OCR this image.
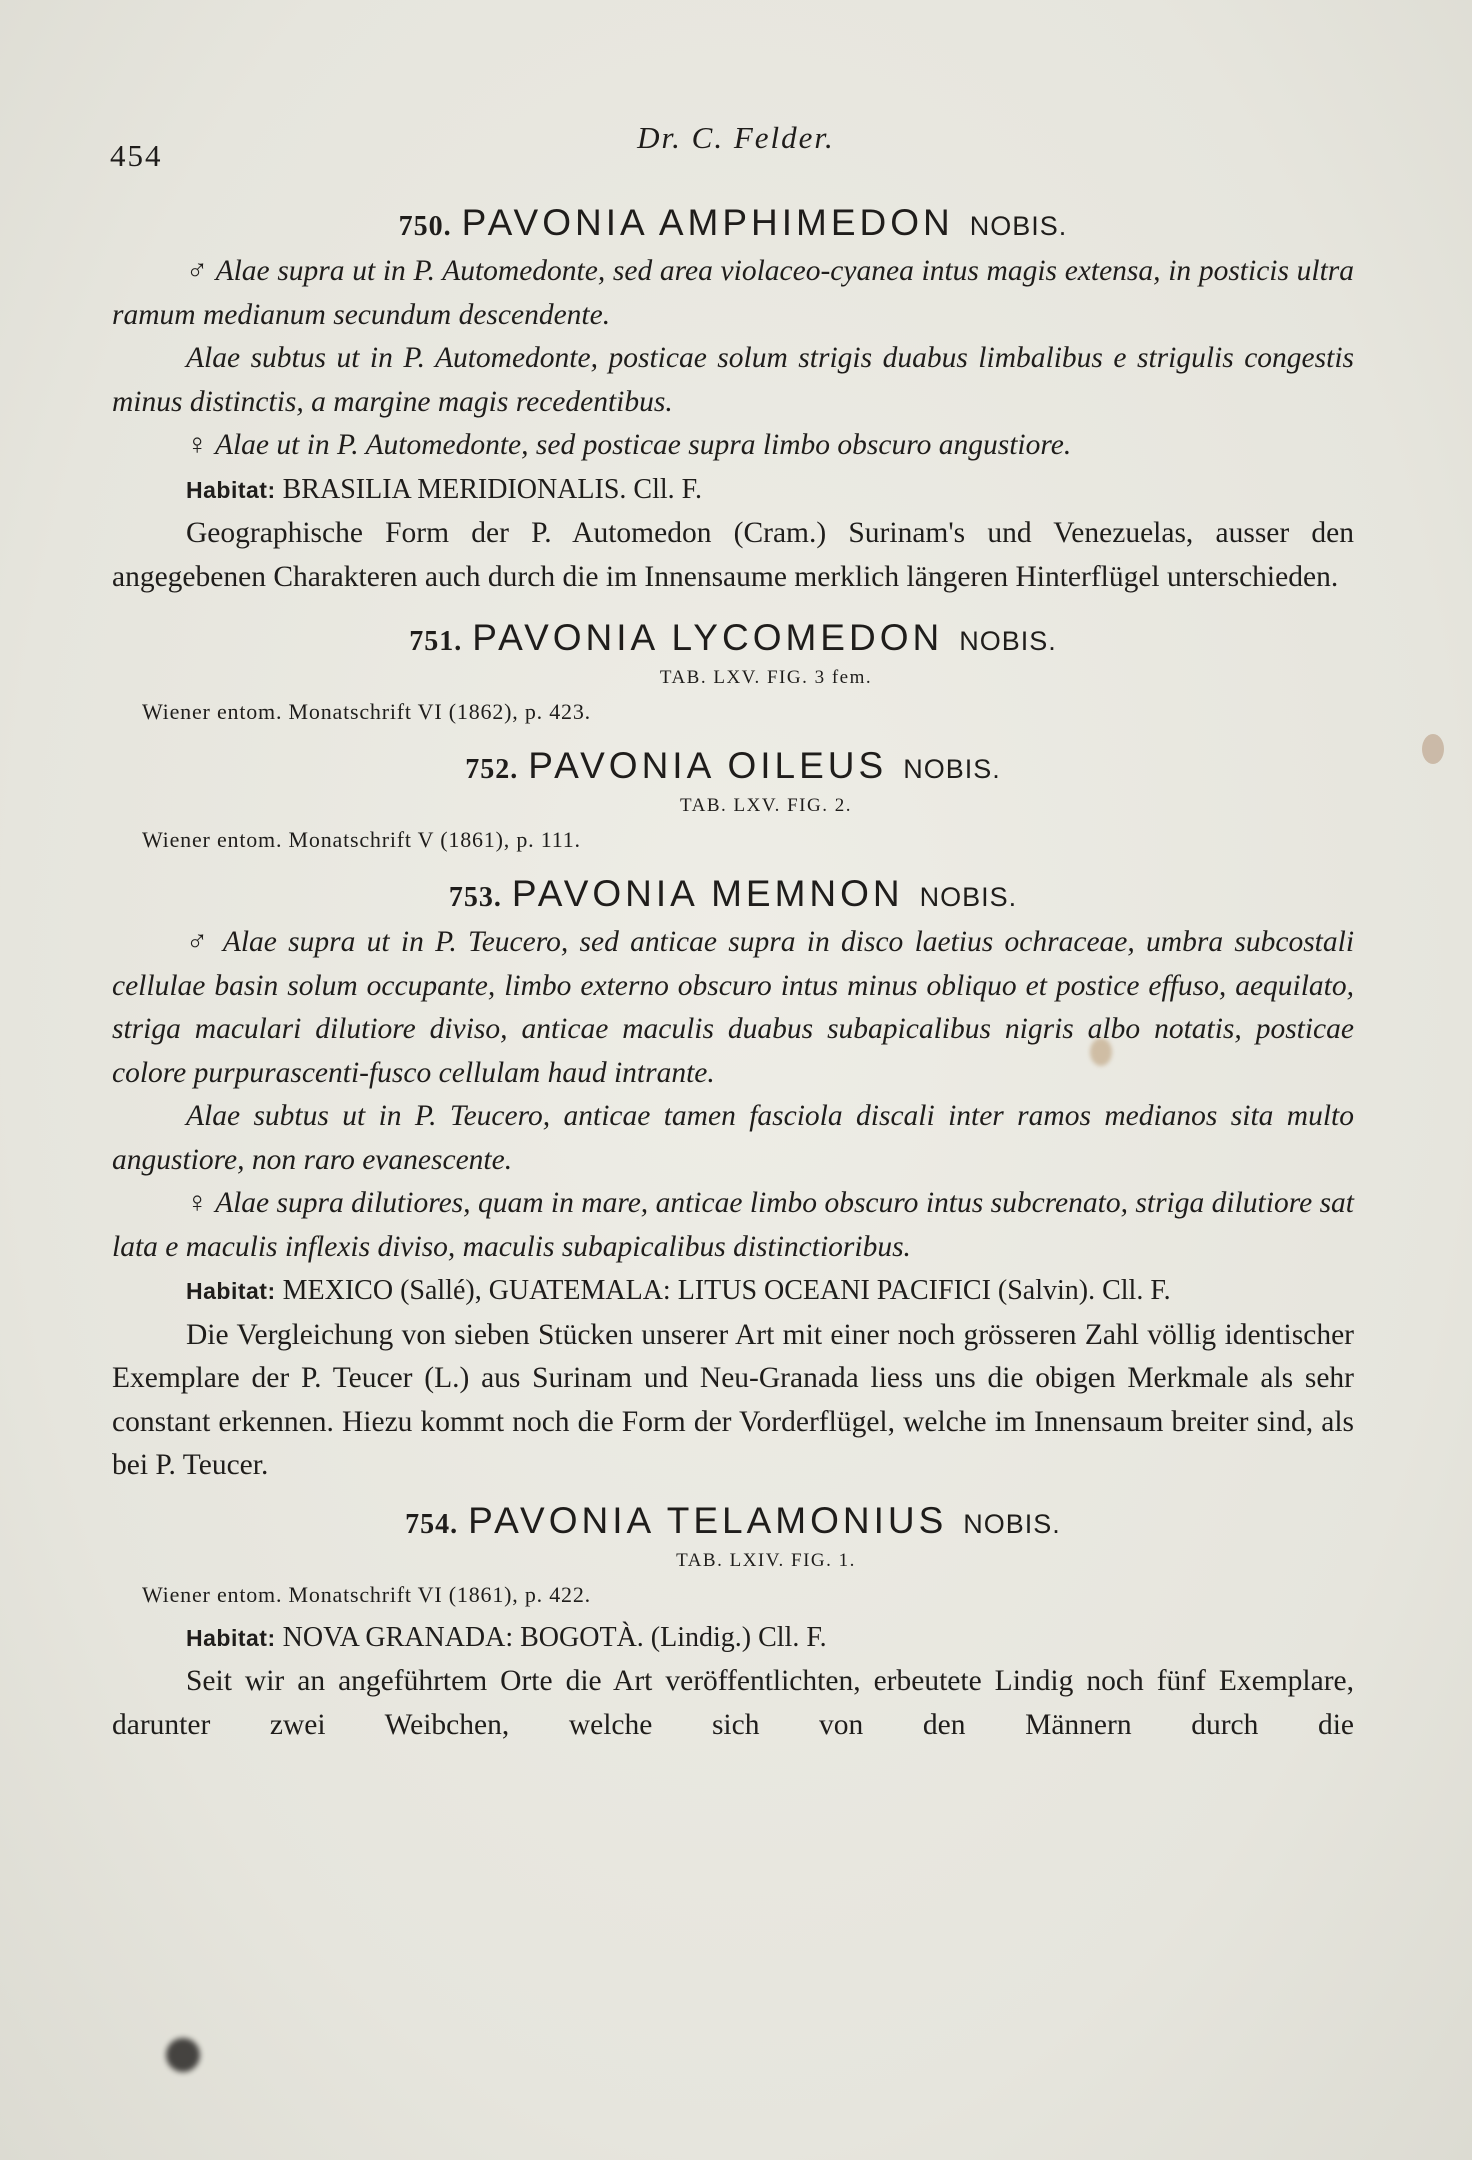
454
Dr. C. Felder.
750. PAVONIA AMPHIMEDON NOBIS.

♂ Alae supra ut in P. Automedonte, sed area violaceo-cyanea intus magis extensa, in posticis ultra ramum medianum secundum descendente.

Alae subtus ut in P. Automedonte, posticae solum strigis duabus limbalibus e strigulis congestis minus distinctis, a margine magis recedentibus.

♀ Alae ut in P. Automedonte, sed posticae supra limbo obscuro angustiore.

Habitat: BRASILIA MERIDIONALIS. Cll. F.

Geographische Form der P. Automedon (Cram.) Surinam's und Venezuelas, ausser den angegebenen Charakteren auch durch die im Innensaume merklich längeren Hinterflügel unterschieden.

751. PAVONIA LYCOMEDON NOBIS.
TAB. LXV. FIG. 3 fem.
Wiener entom. Monatschrift VI (1862), p. 423.
752. PAVONIA OILEUS NOBIS.
TAB. LXV. FIG. 2.
Wiener entom. Monatschrift V (1861), p. 111.
753. PAVONIA MEMNON NOBIS.

♂ Alae supra ut in P. Teucero, sed anticae supra in disco laetius ochraceae, umbra subcostali cellulae basin solum occupante, limbo externo obscuro intus minus obliquo et postice effuso, aequilato, striga maculari dilutiore diviso, anticae maculis duabus subapicalibus nigris albo notatis, posticae colore purpurascenti-fusco cellulam haud intrante.

Alae subtus ut in P. Teucero, anticae tamen fasciola discali inter ramos medianos sita multo angustiore, non raro evanescente.

♀ Alae supra dilutiores, quam in mare, anticae limbo obscuro intus subcrenato, striga dilutiore sat lata e maculis inflexis diviso, maculis subapicalibus distinctioribus.

Habitat: MEXICO (Sallé), GUATEMALA: LITUS OCEANI PACIFICI (Salvin). Cll. F.

Die Vergleichung von sieben Stücken unserer Art mit einer noch grösseren Zahl völlig identischer Exemplare der P. Teucer (L.) aus Surinam und Neu-Granada liess uns die obigen Merkmale als sehr constant erkennen. Hiezu kommt noch die Form der Vorderflügel, welche im Innensaum breiter sind, als bei P. Teucer.

754. PAVONIA TELAMONIUS NOBIS.
TAB. LXIV. FIG. 1.
Wiener entom. Monatschrift VI (1861), p. 422.

Habitat: NOVA GRANADA: BOGOTÀ. (Lindig.) Cll. F.

Seit wir an angeführtem Orte die Art veröffentlichten, erbeutete Lindig noch fünf Exemplare, darunter zwei Weibchen, welche sich von den Männern durch die
